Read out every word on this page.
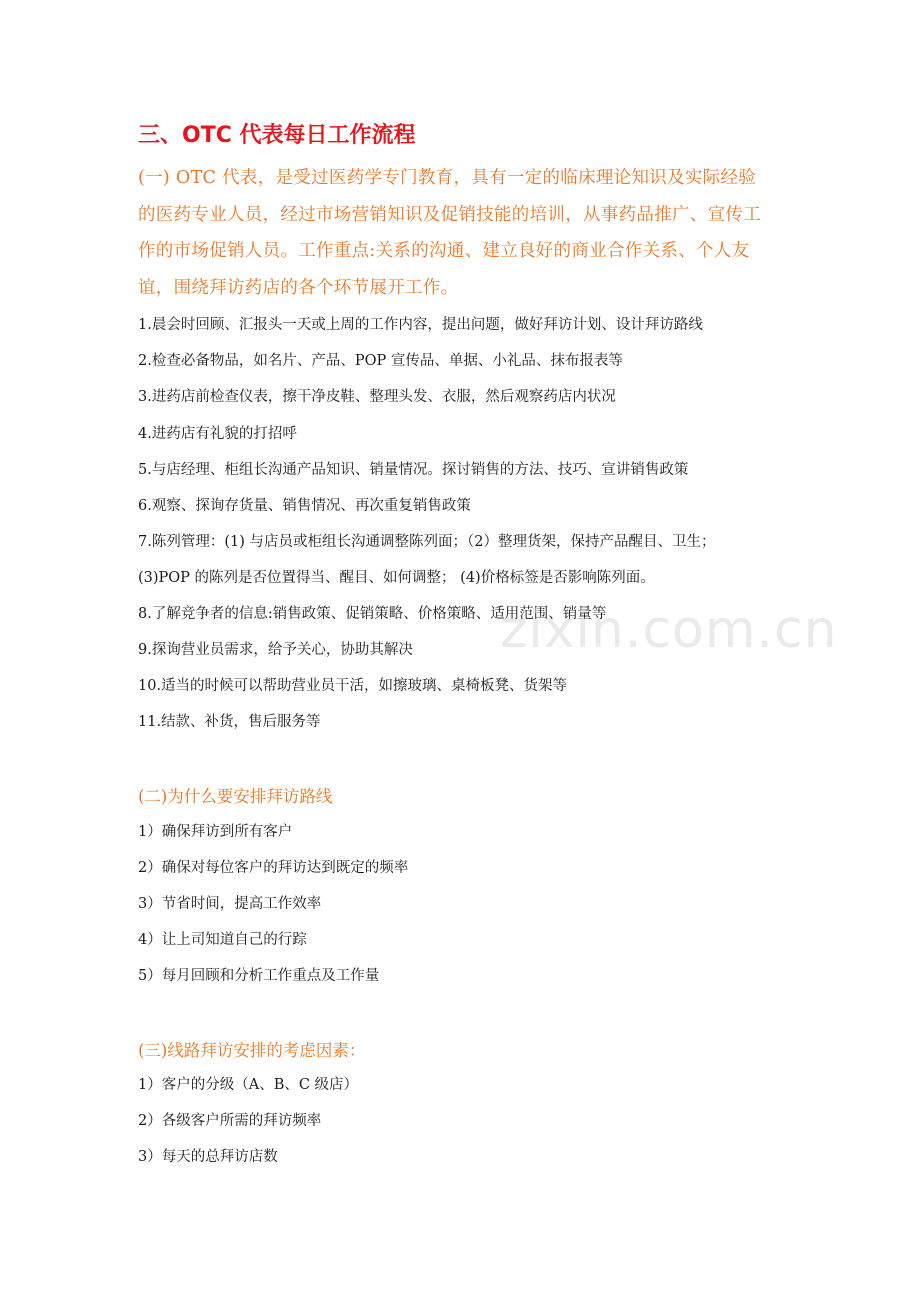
三、OTC 代表每日工作流程
(一) OTC 代表，是受过医药学专门教育，具有一定的临床理论知识及实际经验
的医药专业人员，经过市场营销知识及促销技能的培训，从事药品推广、宣传工
作的市场促销人员。工作重点:关系的沟通、建立良好的商业合作关系、个人友
谊，围绕拜访药店的各个环节展开工作。
1.晨会时回顾、汇报头一天或上周的工作内容，提出问题，做好拜访计划、设计拜访路线
2.检查必备物品，如名片、产品、POP 宣传品、单据、小礼品、抹布报表等
3.进药店前检查仪表，擦干净皮鞋、整理头发、衣服，然后观察药店内状况
4.进药店有礼貌的打招呼
5.与店经理、柜组长沟通产品知识、销量情况。探讨销售的方法、技巧、宣讲销售政策
6.观察、探询存货量、销售情况、再次重复销售政策
7.陈列管理：(1) 与店员或柜组长沟通调整陈列面；（2）整理货架，保持产品醒目、卫生；
(3)POP 的陈列是否位置得当、醒目、如何调整； (4)价格标签是否影响陈列面。
8.了解竞争者的信息:销售政策、促销策略、价格策略、适用范围、销量等
9.探询营业员需求，给予关心，协助其解决
10.适当的时候可以帮助营业员干活，如擦玻璃、桌椅板凳、货架等
11.结款、补货，售后服务等
(二)为什么要安排拜访路线
1）确保拜访到所有客户
2）确保对每位客户的拜访达到既定的频率
3）节省时间，提高工作效率
4）让上司知道自己的行踪
5）每月回顾和分析工作重点及工作量
(三)线路拜访安排的考虑因素：
1）客户的分级（A、B、C 级店）
2）各级客户所需的拜访频率
3）每天的总拜访店数
zixin.com.cn
